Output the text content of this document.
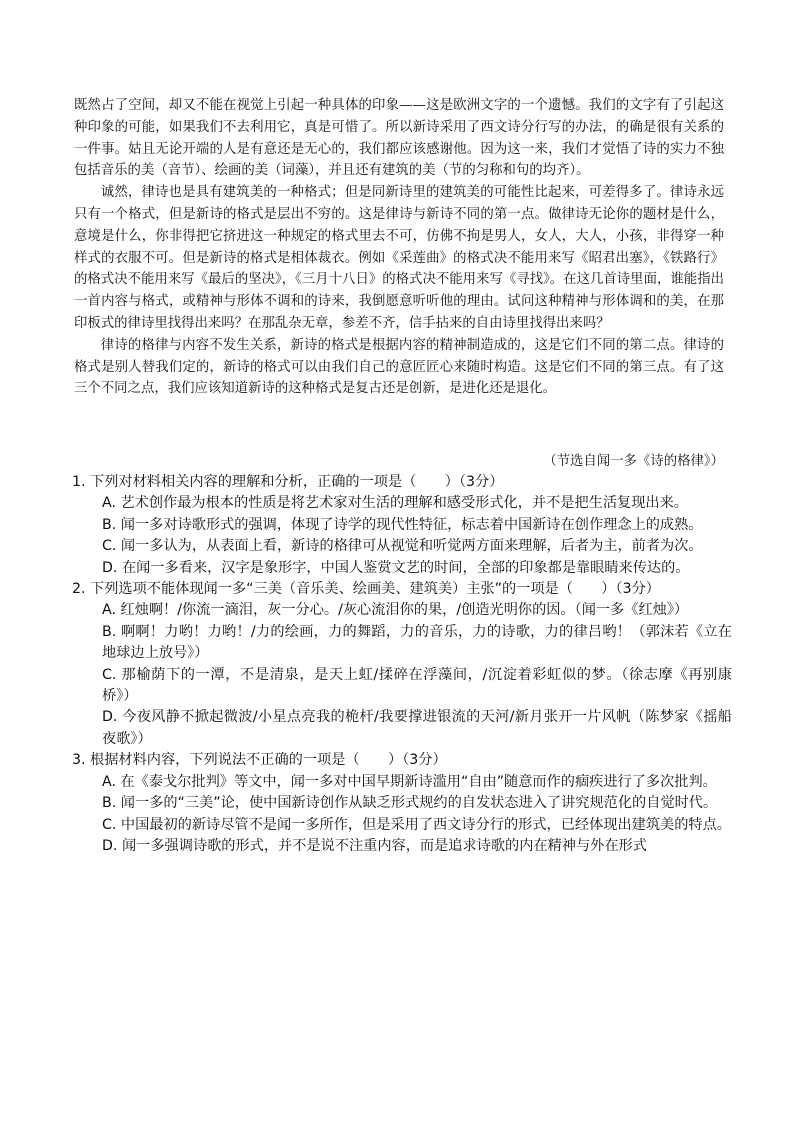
既然占了空间，却又不能在视觉上引起一种具体的印象——这是欧洲文字的一个遗憾。我们的文字有了引起这种印象的可能，如果我们不去利用它，真是可惜了。所以新诗采用了西文诗分行写的办法，的确是很有关系的一件事。姑且无论开端的人是有意还是无心的，我们都应该感谢他。因为这一来，我们才觉悟了诗的实力不独包括音乐的美（音节）、绘画的美（词藻），并且还有建筑的美（节的匀称和句的均齐）。

诚然，律诗也是具有建筑美的一种格式；但是同新诗里的建筑美的可能性比起来，可差得多了。律诗永远只有一个格式，但是新诗的格式是层出不穷的。这是律诗与新诗不同的第一点。做律诗无论你的题材是什么，意境是什么，你非得把它挤进这一种规定的格式里去不可，仿佛不拘是男人，女人，大人，小孩，非得穿一种样式的衣服不可。但是新诗的格式是相体裁衣。例如《采莲曲》的格式决不能用来写《昭君出塞》，《铁路行》的格式决不能用来写《最后的坚决》，《三月十八日》的格式决不能用来写《寻找》。在这几首诗里面，谁能指出一首内容与格式，或精神与形体不调和的诗来，我倒愿意听听他的理由。试问这种精神与形体调和的美，在那印板式的律诗里找得出来吗？在那乱杂无章，参差不齐，信手拈来的自由诗里找得出来吗？

律诗的格律与内容不发生关系，新诗的格式是根据内容的精神制造成的，这是它们不同的第二点。律诗的格式是别人替我们定的，新诗的格式可以由我们自己的意匠匠心来随时构造。这是它们不同的第三点。有了这三个不同之点，我们应该知道新诗的这种格式是复古还是创新，是进化还是退化。

（节选自闻一多《诗的格律》）

1. 下列对材料相关内容的理解和分析，正确的一项是（　　）（3分）

A. 艺术创作最为根本的性质是将艺术家对生活的理解和感受形式化，并不是把生活复现出来。

B. 闻一多对诗歌形式的强调，体现了诗学的现代性特征，标志着中国新诗在创作理念上的成熟。

C. 闻一多认为，从表面上看，新诗的格律可从视觉和听觉两方面来理解，后者为主，前者为次。

D. 在闻一多看来，汉字是象形字，中国人鉴赏文艺的时间，全部的印象都是靠眼睛来传达的。

2. 下列选项不能体现闻一多“三美（音乐美、绘画美、建筑美）主张”的一项是（　　）（3分）

A. 红烛啊！/你流一滴泪，灰一分心。/灰心流泪你的果，/创造光明你的因。（闻一多《红烛》）

B. 啊啊！力哟！力哟！/力的绘画，力的舞蹈，力的音乐，力的诗歌，力的律吕哟！（郭沫若《立在地球边上放号》）

C. 那榆荫下的一潭，不是清泉，是天上虹/揉碎在浮藻间，/沉淀着彩虹似的梦。（徐志摩《再别康桥》）

D. 今夜风静不掀起微波/小星点亮我的桅杆/我要撑进银流的天河/新月张开一片风帆（陈梦家《摇船夜歌》）

3. 根据材料内容，下列说法不正确的一项是（　　）（3分）

A. 在《泰戈尔批判》等文中，闻一多对中国早期新诗滥用“自由”随意而作的痼疾进行了多次批判。

B. 闻一多的“三美”论，使中国新诗创作从缺乏形式规约的自发状态进入了讲究规范化的自觉时代。

C. 中国最初的新诗尽管不是闻一多所作，但是采用了西文诗分行的形式，已经体现出建筑美的特点。

D. 闻一多强调诗歌的形式，并不是说不注重内容，而是追求诗歌的内在精神与外在形式
